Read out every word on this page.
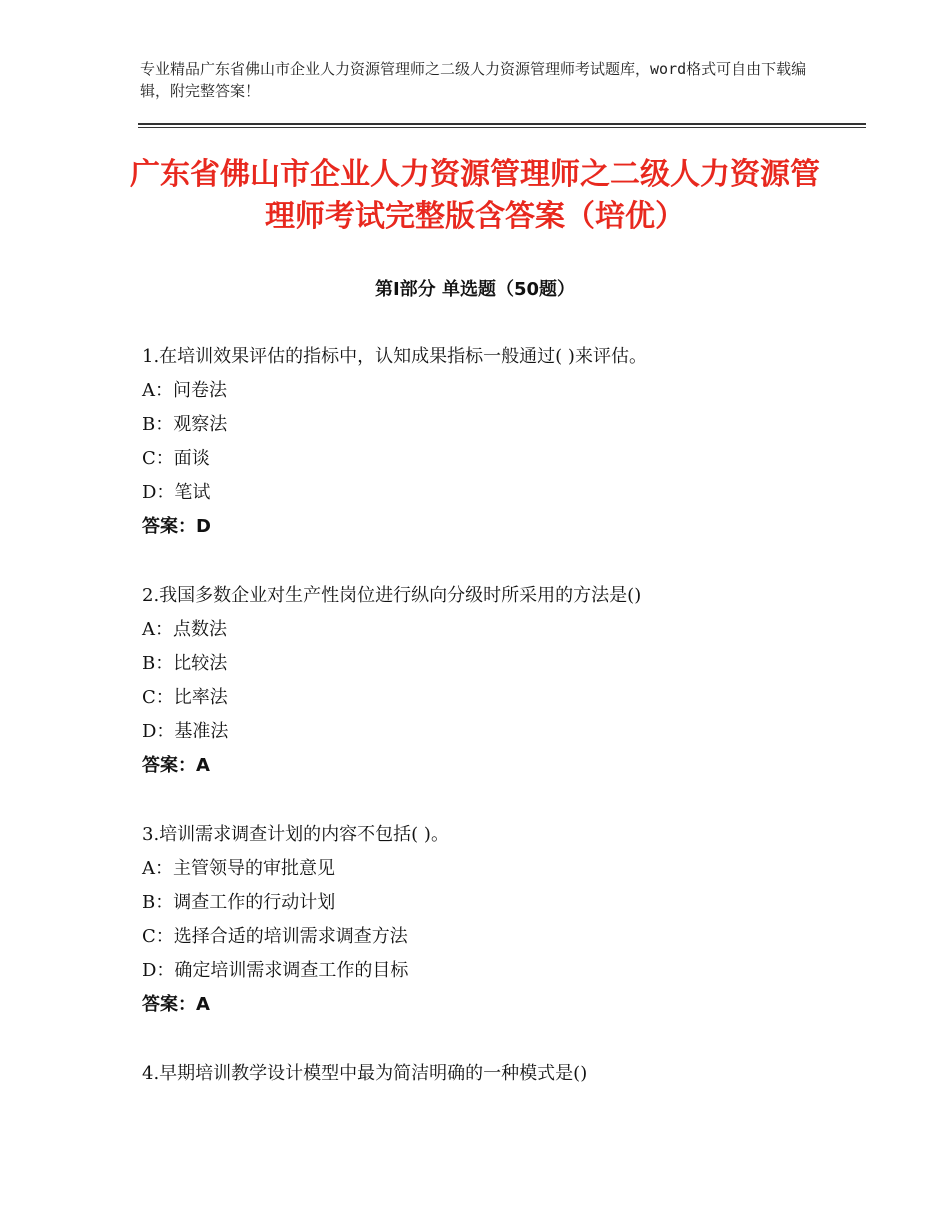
专业精品广东省佛山市企业人力资源管理师之二级人力资源管理师考试题库，word格式可自由下载编辑，附完整答案！
广东省佛山市企业人力资源管理师之二级人力资源管理师考试完整版含答案（培优）
第Ⅰ部分 单选题（50题）
1.在培训效果评估的指标中，认知成果指标一般通过( )来评估。
A：问卷法
B：观察法
C：面谈
D：笔试
答案：D
2.我国多数企业对生产性岗位进行纵向分级时所采用的方法是()
A：点数法
B：比较法
C：比率法
D：基准法
答案：A
3.培训需求调查计划的内容不包括( )。
A：主管领导的审批意见
B：调查工作的行动计划
C：选择合适的培训需求调查方法
D：确定培训需求调查工作的目标
答案：A
4.早期培训教学设计模型中最为简洁明确的一种模式是()
